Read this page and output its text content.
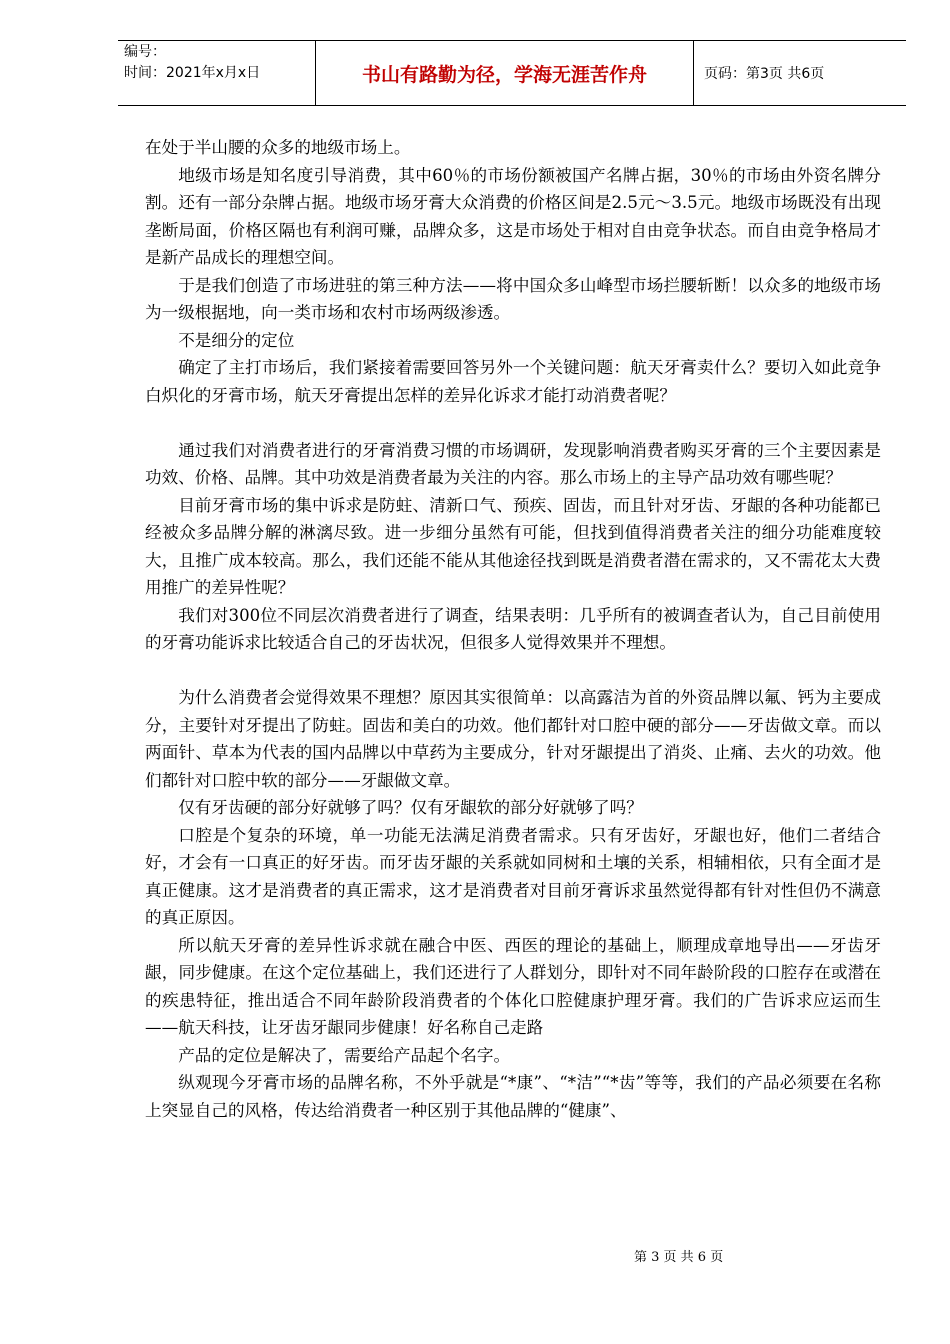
编号：
时间：2021年x月x日	书山有路勤为径，学海无涯苦作舟	页码：第3页 共6页

在处于半山腰的众多的地级市场上。

地级市场是知名度引导消费，其中60％的市场份额被国产名牌占据，30％的市场由外资名牌分割。还有一部分杂牌占据。地级市场牙膏大众消费的价格区间是2.5元～3.5元。地级市场既没有出现垄断局面，价格区隔也有利润可赚，品牌众多，这是市场处于相对自由竞争状态。而自由竞争格局才是新产品成长的理想空间。

于是我们创造了市场进驻的第三种方法——将中国众多山峰型市场拦腰斩断！以众多的地级市场为一级根据地，向一类市场和农村市场两级渗透。

不是细分的定位

确定了主打市场后，我们紧接着需要回答另外一个关键问题：航天牙膏卖什么？要切入如此竞争白炽化的牙膏市场，航天牙膏提出怎样的差异化诉求才能打动消费者呢？

通过我们对消费者进行的牙膏消费习惯的市场调研，发现影响消费者购买牙膏的三个主要因素是功效、价格、品牌。其中功效是消费者最为关注的内容。那么市场上的主导产品功效有哪些呢？

目前牙膏市场的集中诉求是防蛀、清新口气、预疾、固齿，而且针对牙齿、牙龈的各种功能都已经被众多品牌分解的淋漓尽致。进一步细分虽然有可能，但找到值得消费者关注的细分功能难度较大，且推广成本较高。那么，我们还能不能从其他途径找到既是消费者潜在需求的，又不需花太大费用推广的差异性呢？

我们对300位不同层次消费者进行了调查，结果表明：几乎所有的被调查者认为，自己目前使用的牙膏功能诉求比较适合自己的牙齿状况，但很多人觉得效果并不理想。

为什么消费者会觉得效果不理想？原因其实很简单：以高露洁为首的外资品牌以氟、钙为主要成分，主要针对牙提出了防蛀。固齿和美白的功效。他们都针对口腔中硬的部分——牙齿做文章。而以两面针、草本为代表的国内品牌以中草药为主要成分，针对牙龈提出了消炎、止痛、去火的功效。他们都针对口腔中软的部分——牙龈做文章。

仅有牙齿硬的部分好就够了吗？仅有牙龈软的部分好就够了吗？

口腔是个复杂的环境，单一功能无法满足消费者需求。只有牙齿好，牙龈也好，他们二者结合好，才会有一口真正的好牙齿。而牙齿牙龈的关系就如同树和土壤的关系，相辅相依，只有全面才是真正健康。这才是消费者的真正需求，这才是消费者对目前牙膏诉求虽然觉得都有针对性但仍不满意的真正原因。

所以航天牙膏的差异性诉求就在融合中医、西医的理论的基础上，顺理成章地导出——牙齿牙龈，同步健康。在这个定位基础上，我们还进行了人群划分，即针对不同年龄阶段的口腔存在或潜在的疾患特征，推出适合不同年龄阶段消费者的个体化口腔健康护理牙膏。我们的广告诉求应运而生——航天科技，让牙齿牙龈同步健康！好名称自己走路

产品的定位是解决了，需要给产品起个名字。

纵观现今牙膏市场的品牌名称，不外乎就是“*康”、“*洁”“*齿”等等，我们的产品必须要在名称上突显自己的风格，传达给消费者一种区别于其他品牌的“健康”、

第 3 页 共 6 页
